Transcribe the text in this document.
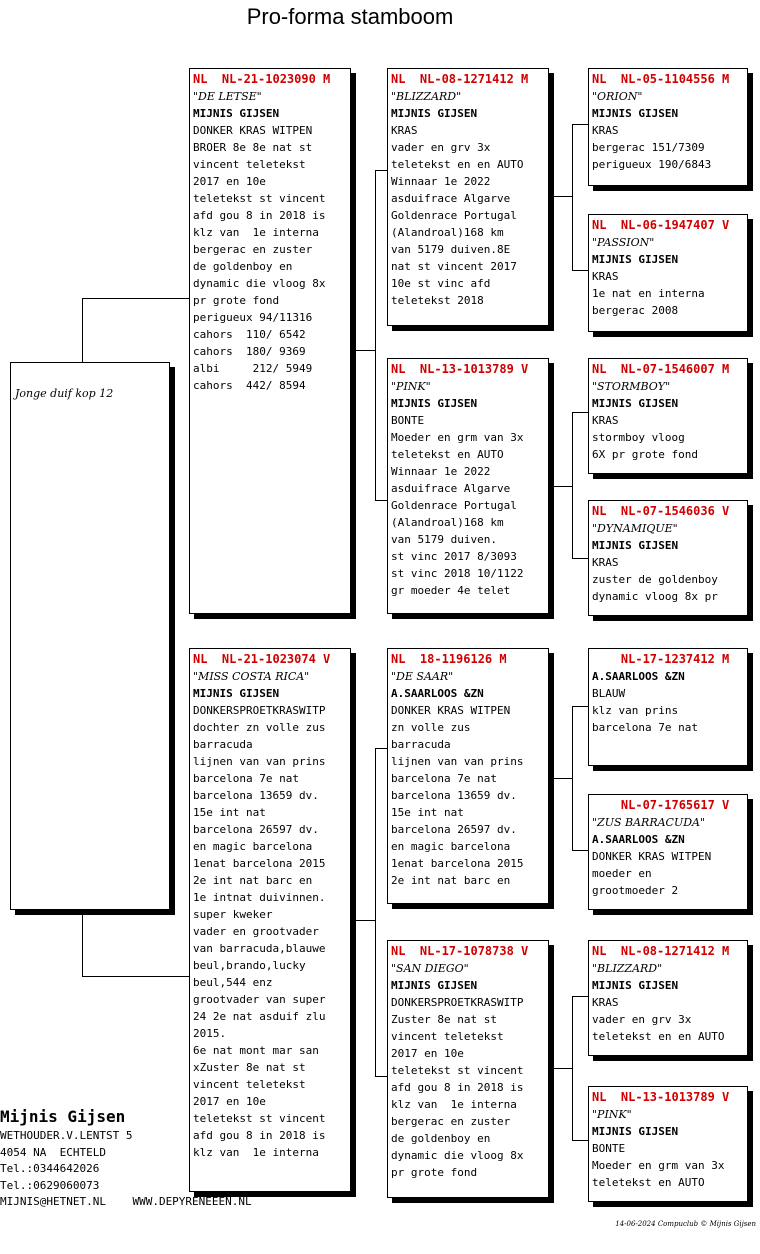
Pro-forma stamboom
Jonge duif kop 12
NL  NL-21-1023090 M
"DE LETSE"
MIJNIS GIJSEN
DONKER KRAS WITPEN
BROER 8e 8e nat st
vincent teletekst
2017 en 10e
teletekst st vincent
afd gou 8 in 2018 is
klz van  1e interna
bergerac en zuster
de goldenboy en
dynamic die vloog 8x
pr grote fond
perigueux 94/11316
cahors  110/ 6542
cahors  180/ 9369
albi     212/ 5949
cahors  442/ 8594
NL  NL-21-1023074 V
"MISS COSTA RICA"
MIJNIS GIJSEN
DONKERSPROETKRASWITP
dochter zn volle zus
barracuda
lijnen van van prins
barcelona 7e nat
barcelona 13659 dv.
15e int nat
barcelona 26597 dv.
en magic barcelona
1enat barcelona 2015
2e int nat barc en
1e intnat duivinnen.
super kweker
vader en grootvader
van barracuda,blauwe
beul,brando,lucky
beul,544 enz
grootvader van super
24 2e nat asduif zlu
2015.
6e nat mont mar san
xZuster 8e nat st
vincent teletekst
2017 en 10e
teletekst st vincent
afd gou 8 in 2018 is
klz van  1e interna
NL  NL-08-1271412 M
"BLIZZARD"
MIJNIS GIJSEN
KRAS
vader en grv 3x
teletekst en en AUTO
Winnaar 1e 2022
asduifrace Algarve
Goldenrace Portugal
(Alandroal)168 km
van 5179 duiven.8E
nat st vincent 2017
10e st vinc afd
teletekst 2018
NL  NL-13-1013789 V
"PINK"
MIJNIS GIJSEN
BONTE
Moeder en grm van 3x
teletekst en AUTO
Winnaar 1e 2022
asduifrace Algarve
Goldenrace Portugal
(Alandroal)168 km
van 5179 duiven.
st vinc 2017 8/3093
st vinc 2018 10/1122
gr moeder 4e telet
NL  18-1196126 M
"DE SAAR"
A.SAARLOOS &ZN
DONKER KRAS WITPEN
zn volle zus
barracuda
lijnen van van prins
barcelona 7e nat
barcelona 13659 dv.
15e int nat
barcelona 26597 dv.
en magic barcelona
1enat barcelona 2015
2e int nat barc en
NL  NL-17-1078738 V
"SAN DIEGO"
MIJNIS GIJSEN
DONKERSPROETKRASWITP
Zuster 8e nat st
vincent teletekst
2017 en 10e
teletekst st vincent
afd gou 8 in 2018 is
klz van  1e interna
bergerac en zuster
de goldenboy en
dynamic die vloog 8x
pr grote fond
NL  NL-05-1104556 M
"ORION"
MIJNIS GIJSEN
KRAS
bergerac 151/7309
perigueux 190/6843
NL  NL-06-1947407 V
"PASSION"
MIJNIS GIJSEN
KRAS
1e nat en interna
bergerac 2008
NL  NL-07-1546007 M
"STORMBOY"
MIJNIS GIJSEN
KRAS
stormboy vloog
6X pr grote fond
NL  NL-07-1546036 V
"DYNAMIQUE"
MIJNIS GIJSEN
KRAS
zuster de goldenboy
dynamic vloog 8x pr
NL-17-1237412 M
A.SAARLOOS &ZN
BLAUW
klz van prins
barcelona 7e nat
NL-07-1765617 V
"ZUS BARRACUDA"
A.SAARLOOS &ZN
DONKER KRAS WITPEN
moeder en
grootmoeder 2
NL  NL-08-1271412 M
"BLIZZARD"
MIJNIS GIJSEN
KRAS
vader en grv 3x
teletekst en en AUTO
NL  NL-13-1013789 V
"PINK"
MIJNIS GIJSEN
BONTE
Moeder en grm van 3x
teletekst en AUTO
Mijnis Gijsen
WETHOUDER.V.LENTST 5
4054 NA  ECHTELD
Tel.:0344642026
Tel.:0629060073
MIJNIS@HETNET.NL    WWW.DEPYRENEEEN.NL
14-06-2024 Compuclub © Mijnis Gijsen
